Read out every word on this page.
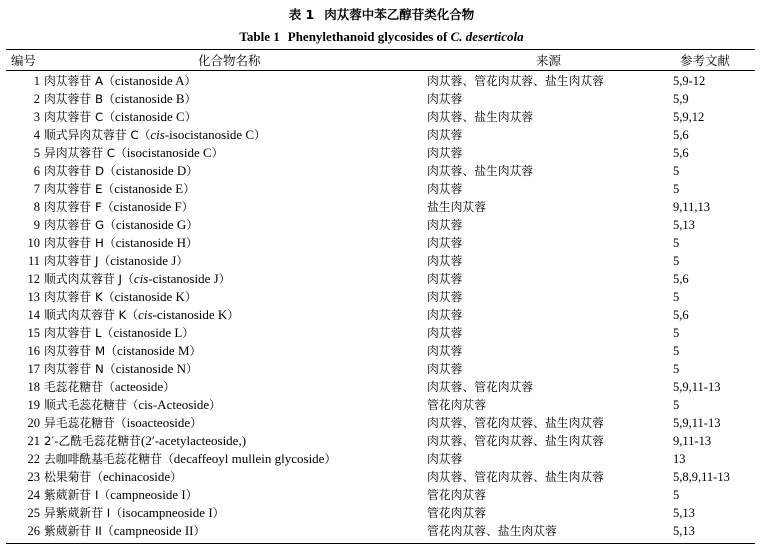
表 1 肉苁蓉中苯乙醇苷类化合物
Table 1 Phenylethanoid glycosides of C. deserticola
编号	化合物名称	来源	参考文献
1	肉苁蓉苷 A（cistanoside A）	肉苁蓉、管花肉苁蓉、盐生肉苁蓉	5,9-12
2	肉苁蓉苷 B（cistanoside B）	肉苁蓉	5,9
3	肉苁蓉苷 C（cistanoside C）	肉苁蓉、盐生肉苁蓉	5,9,12
4	顺式异肉苁蓉苷 C（cis-isocistanoside C）	肉苁蓉	5,6
5	异肉苁蓉苷 C（isocistanoside C）	肉苁蓉	5,6
6	肉苁蓉苷 D（cistanoside D）	肉苁蓉、盐生肉苁蓉	5
7	肉苁蓉苷 E（cistanoside E）	肉苁蓉	5
8	肉苁蓉苷 F（cistanoside F）	盐生肉苁蓉	9,11,13
9	肉苁蓉苷 G（cistanoside G）	肉苁蓉	5,13
10	肉苁蓉苷 H（cistanoside H）	肉苁蓉	5
11	肉苁蓉苷 J（cistanoside J）	肉苁蓉	5
12	顺式肉苁蓉苷 J（cis-cistanoside J）	肉苁蓉	5,6
13	肉苁蓉苷 K（cistanoside K）	肉苁蓉	5
14	顺式肉苁蓉苷 K（cis-cistanoside K）	肉苁蓉	5,6
15	肉苁蓉苷 L（cistanoside L）	肉苁蓉	5
16	肉苁蓉苷 M（cistanoside M）	肉苁蓉	5
17	肉苁蓉苷 N（cistanoside N）	肉苁蓉	5
18	毛蕊花糖苷（acteoside）	肉苁蓉、管花肉苁蓉	5,9,11-13
19	顺式毛蕊花糖苷（cis-Acteoside）	管花肉苁蓉	5
20	异毛蕊花糖苷（isoacteoside）	肉苁蓉、管花肉苁蓉、盐生肉苁蓉	5,9,11-13
21	2′-乙酰毛蕊花糖苷(2′-acetylacteoside,)	肉苁蓉、管花肉苁蓉、盐生肉苁蓉	9,11-13
22	去咖啡酰基毛蕊花糖苷（decaffeoyl mullein glycoside）	肉苁蓉	13
23	松果菊苷（echinacoside）	肉苁蓉、管花肉苁蓉、盐生肉苁蓉	5,8,9,11-13
24	紫葳新苷 I（campneoside I）	管花肉苁蓉	5
25	异紫葳新苷 I（isocampneoside I）	管花肉苁蓉	5,13
26	紫葳新苷 II（campneoside II）	管花肉苁蓉、盐生肉苁蓉	5,13
